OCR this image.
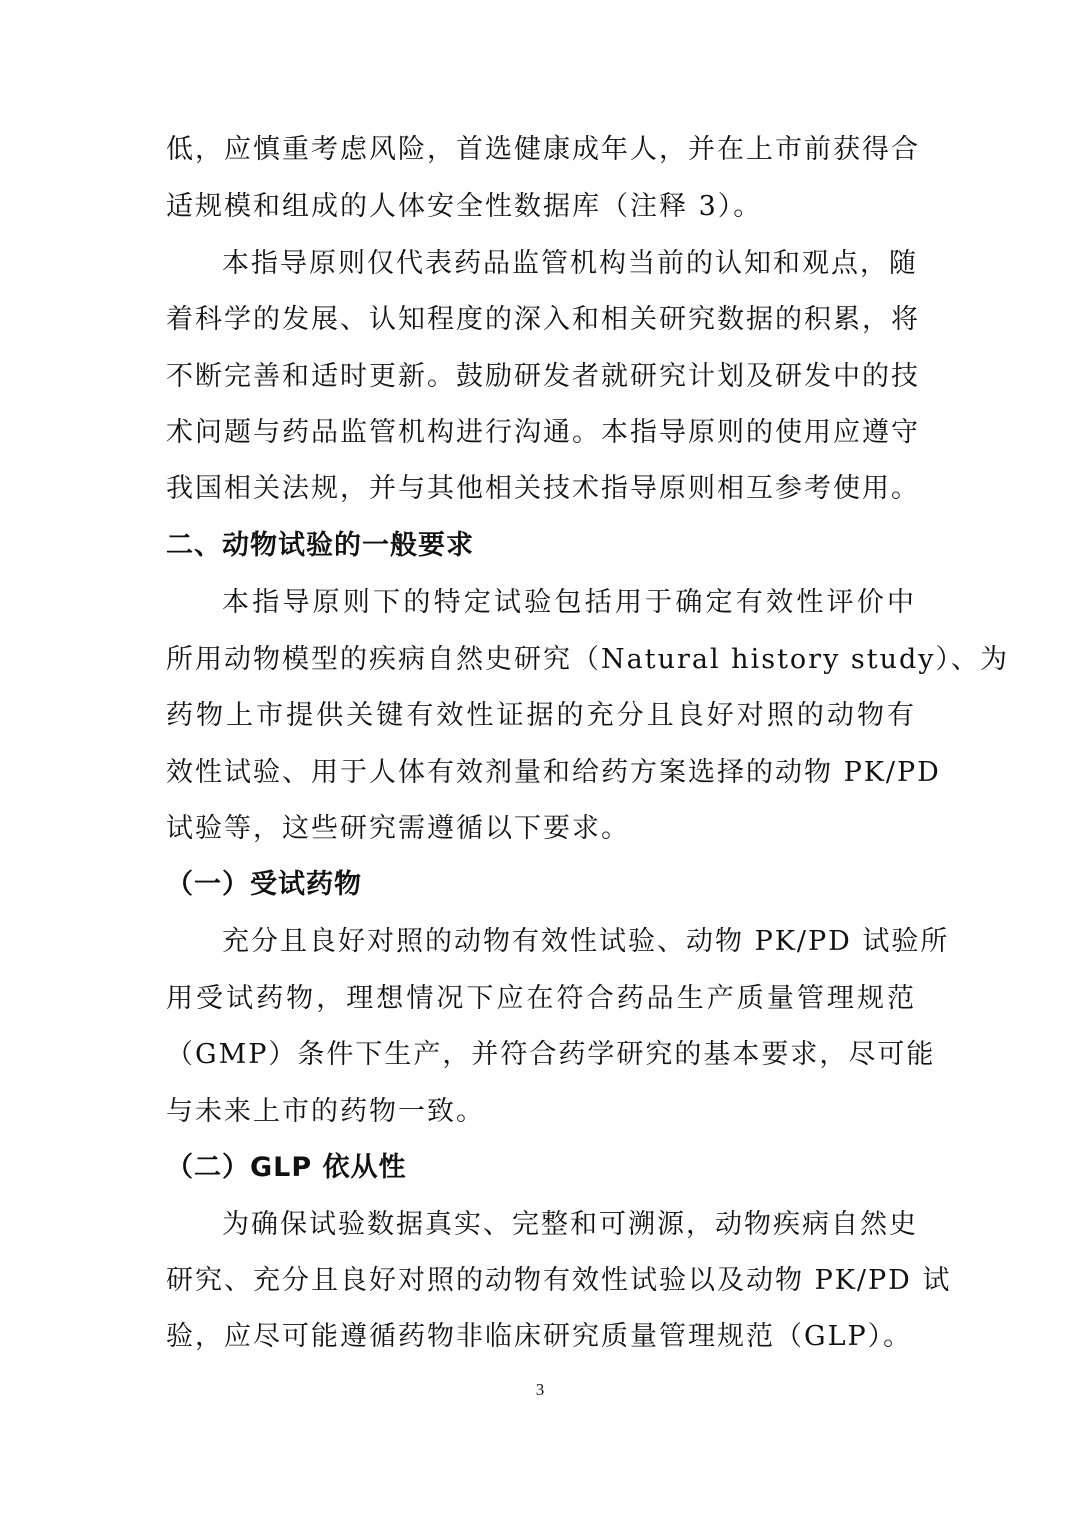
低，应慎重考虑风险，首选健康成年人，并在上市前获得合
适规模和组成的人体安全性数据库（注释 3）。
本指导原则仅代表药品监管机构当前的认知和观点，随
着科学的发展、认知程度的深入和相关研究数据的积累，将
不断完善和适时更新。鼓励研发者就研究计划及研发中的技
术问题与药品监管机构进行沟通。本指导原则的使用应遵守
我国相关法规，并与其他相关技术指导原则相互参考使用。
二、动物试验的一般要求
本指导原则下的特定试验包括用于确定有效性评价中
所用动物模型的疾病自然史研究（Natural history study）、为
药物上市提供关键有效性证据的充分且良好对照的动物有
效性试验、用于人体有效剂量和给药方案选择的动物 PK/PD
试验等，这些研究需遵循以下要求。
（一）受试药物
充分且良好对照的动物有效性试验、动物 PK/PD 试验所
用受试药物，理想情况下应在符合药品生产质量管理规范
（GMP）条件下生产，并符合药学研究的基本要求，尽可能
与未来上市的药物一致。
（二）GLP 依从性
为确保试验数据真实、完整和可溯源，动物疾病自然史
研究、充分且良好对照的动物有效性试验以及动物 PK/PD 试
验，应尽可能遵循药物非临床研究质量管理规范（GLP）。
3
